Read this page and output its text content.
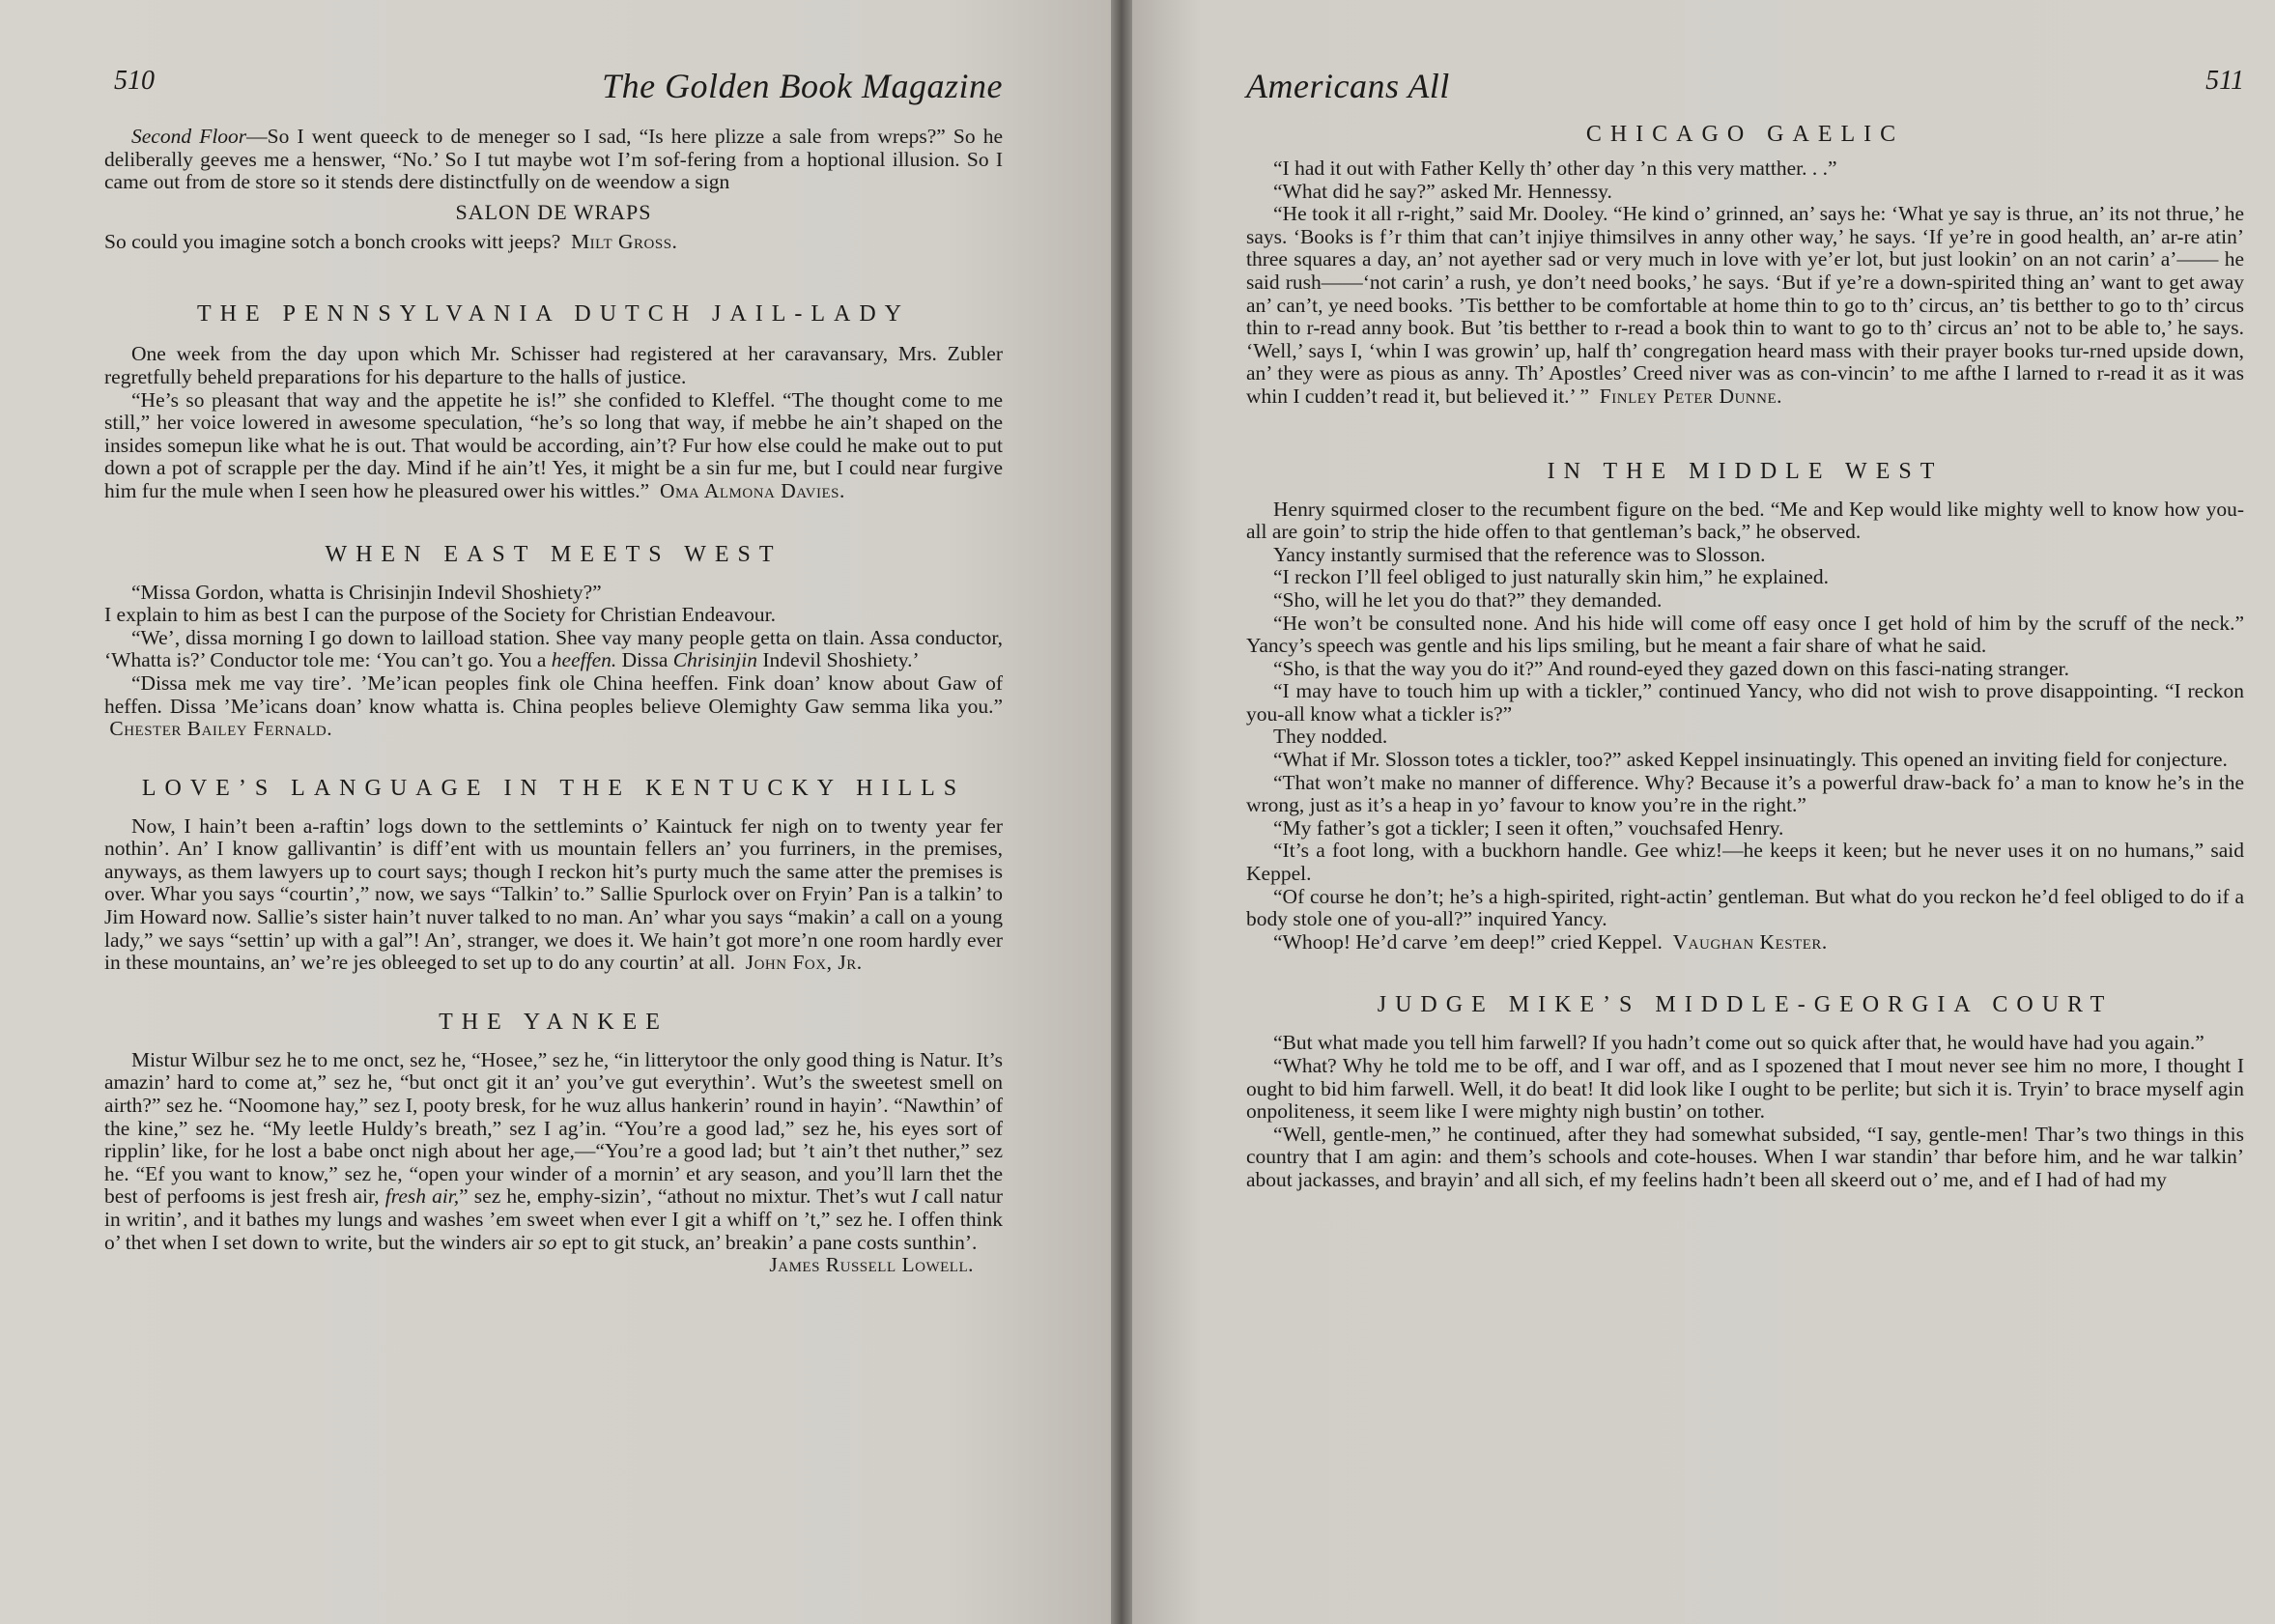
510	The Golden Book Magazine

Second Floor—So I went queeck to de meneger so I sad, “Is here plizze a sale from wreps?” So he deliberally geeves me a henswer, “No.’ So I tut maybe wot I’m sof-fering from a hoptional illusion. So I came out from de store so it stends dere distinctfully on de weendow a sign

SALON DE WRAPS

So could you imagine sotch a bonch crooks witt jeeps? Milt Gross.

THE PENNSYLVANIA DUTCH JAIL-LADY

One week from the day upon which Mr. Schisser had registered at her caravansary, Mrs. Zubler regretfully beheld preparations for his departure to the halls of justice.

“He’s so pleasant that way and the appetite he is!” she confided to Kleffel. “The thought come to me still,” her voice lowered in awesome speculation, “he’s so long that way, if mebbe he ain’t shaped on the insides somepun like what he is out. That would be according, ain’t? Fur how else could he make out to put down a pot of scrapple per the day. Mind if he ain’t! Yes, it might be a sin fur me, but I could near furgive him fur the mule when I seen how he pleasured ower his wittles.” Oma Almona Davies.

WHEN EAST MEETS WEST

“Missa Gordon, whatta is Chrisinjin Indevil Shoshiety?”

I explain to him as best I can the purpose of the Society for Christian Endeavour.

“We’, dissa morning I go down to lailload station. Shee vay many people getta on tlain. Assa conductor, ‘Whatta is?’ Conductor tole me: ‘You can’t go. You a heeffen. Dissa Chrisinjin Indevil Shoshiety.’

“Dissa mek me vay tire’. ’Me’ican peoples fink ole China heeffen. Fink doan’ know about Gaw of heffen. Dissa ’Me’icans doan’ know whatta is. China peoples believe Olemighty Gaw semma lika you.”  Chester Bailey Fernald.

LOVE’S LANGUAGE IN THE KENTUCKY HILLS

Now, I hain’t been a-raftin’ logs down to the settlemints o’ Kaintuck fer nigh on to twenty year fer nothin’. An’ I know gallivantin’ is diff’ent with us mountain fellers an’ you furriners, in the premises, anyways, as them lawyers up to court says; though I reckon hit’s purty much the same atter the premises is over. Whar you says “courtin’,” now, we says “Talkin’ to.” Sallie Spurlock over on Fryin’ Pan is a talkin’ to Jim Howard now. Sallie’s sister hain’t nuver talked to no man. An’ whar you says “makin’ a call on a young lady,” we says “settin’ up with a gal”! An’, stranger, we does it. We hain’t got more’n one room hardly ever in these mountains, an’ we’re jes obleeged to set up to do any courtin’ at all. John Fox, Jr.

THE YANKEE

Mistur Wilbur sez he to me onct, sez he, “Hosee,” sez he, “in litterytoor the only good thing is Natur. It’s amazin’ hard to come at,” sez he, “but onct git it an’ you’ve gut everythin’. Wut’s the sweetest smell on airth?” sez he. “Noomone hay,” sez I, pooty bresk, for he wuz allus hankerin’ round in hayin’. “Nawthin’ of the kine,” sez he. “My leetle Huldy’s breath,” sez I ag’in. “You’re a good lad,” sez he, his eyes sort of ripplin’ like, for he lost a babe onct nigh about her age,—“You’re a good lad; but ’t ain’t thet nuther,” sez he. “Ef you want to know,” sez he, “open your winder of a mornin’ et ary season, and you’ll larn thet the best of perfooms is jest fresh air, fresh air,” sez he, emphy-sizin’, “athout no mixtur. Thet’s wut I call natur in writin’, and it bathes my lungs and washes ’em sweet when ever I git a whiff on ’t,” sez he. I offen think o’ thet when I set down to write, but the winders air so ept to git stuck, an’ breakin’ a pane costs sunthin’.

James Russell Lowell.

Americans All	511
CHICAGO GAELIC

“I had it out with Father Kelly th’ other day ’n this very matther. . .”

“What did he say?” asked Mr. Hennessy.

“He took it all r-right,” said Mr. Dooley. “He kind o’ grinned, an’ says he: ‘What ye say is thrue, an’ its not thrue,’ he says. ‘Books is f’r thim that can’t injiye thimsilves in anny other way,’ he says. ‘If ye’re in good health, an’ ar-re atin’ three squares a day, an’ not ayether sad or very much in love with ye’er lot, but just lookin’ on an not carin’ a’—— he said rush——‘not carin’ a rush, ye don’t need books,’ he says. ‘But if ye’re a down-spirited thing an’ want to get away an’ can’t, ye need books. ’Tis betther to be comfortable at home thin to go to th’ circus, an’ tis betther to go to th’ circus thin to r-read anny book. But ’tis betther to r-read a book thin to want to go to th’ circus an’ not to be able to,’ he says. ‘Well,’ says I, ‘whin I was growin’ up, half th’ congregation heard mass with their prayer books tur-rned upside down, an’ they were as pious as anny. Th’ Apostles’ Creed niver was as con-vincin’ to me afthe I larned to r-read it as it was whin I cudden’t read it, but believed it.’ ” Finley Peter Dunne.

IN THE MIDDLE WEST

Henry squirmed closer to the recumbent figure on the bed. “Me and Kep would like mighty well to know how you-all are goin’ to strip the hide offen to that gentleman’s back,” he observed.

Yancy instantly surmised that the reference was to Slosson.

“I reckon I’ll feel obliged to just naturally skin him,” he explained.

“Sho, will he let you do that?” they demanded.

“He won’t be consulted none. And his hide will come off easy once I get hold of him by the scruff of the neck.” Yancy’s speech was gentle and his lips smiling, but he meant a fair share of what he said.

“Sho, is that the way you do it?” And round-eyed they gazed down on this fasci-nating stranger.

“I may have to touch him up with a tickler,” continued Yancy, who did not wish to prove disappointing. “I reckon you-all know what a tickler is?”

They nodded.

“What if Mr. Slosson totes a tickler, too?” asked Keppel insinuatingly. This opened an inviting field for conjecture.

“That won’t make no manner of difference. Why? Because it’s a powerful draw-back fo’ a man to know he’s in the wrong, just as it’s a heap in yo’ favour to know you’re in the right.”

“My father’s got a tickler; I seen it often,” vouchsafed Henry.

“It’s a foot long, with a buckhorn handle. Gee whiz!—he keeps it keen; but he never uses it on no humans,” said Keppel.

“Of course he don’t; he’s a high-spirited, right-actin’ gentleman. But what do you reckon he’d feel obliged to do if a body stole one of you-all?” inquired Yancy.

“Whoop! He’d carve ’em deep!” cried Keppel. Vaughan Kester.

JUDGE MIKE’S MIDDLE-GEORGIA COURT

“But what made you tell him farwell? If you hadn’t come out so quick after that, he would have had you again.”

“What? Why he told me to be off, and I war off, and as I spozened that I mout never see him no more, I thought I ought to bid him farwell. Well, it do beat! It did look like I ought to be perlite; but sich it is. Tryin’ to brace myself agin onpoliteness, it seem like I were mighty nigh bustin’ on tother.

“Well, gentle-men,” he continued, after they had somewhat subsided, “I say, gentle-men! Thar’s two things in this country that I am agin: and them’s schools and cote-houses. When I war standin’ thar before him, and he war talkin’ about jackasses, and brayin’ and all sich, ef my feelins hadn’t been all skeerd out o’ me, and ef I had of had my
